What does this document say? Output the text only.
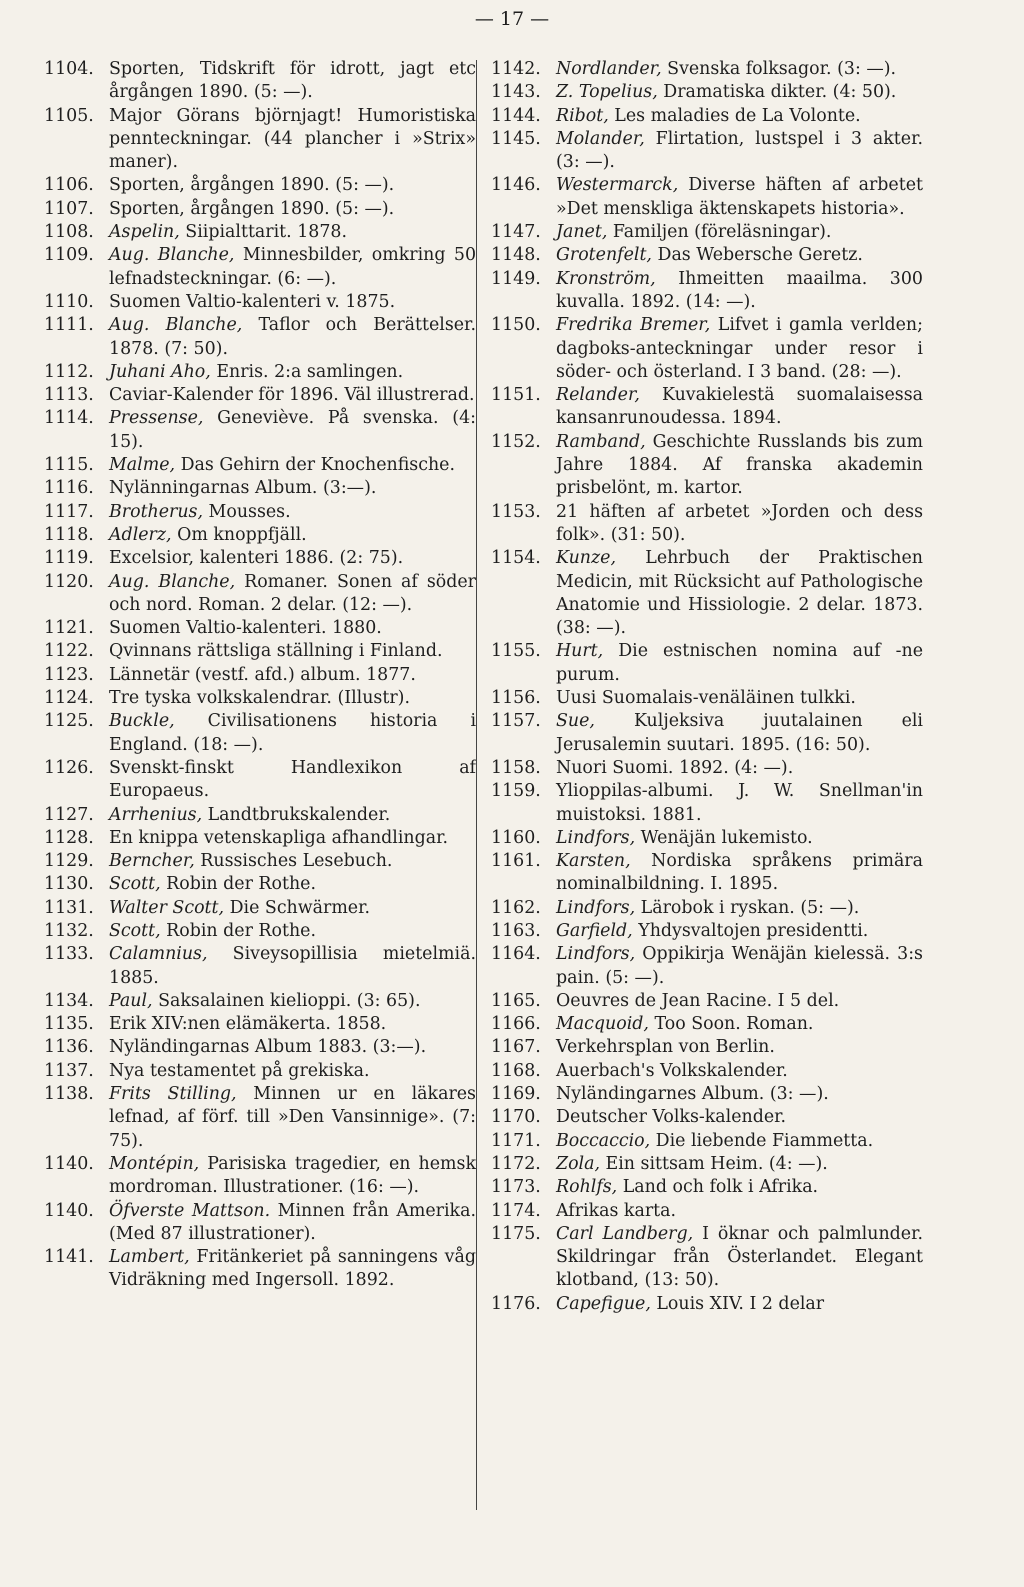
— 17 —
1104. Sporten, Tidskrift för idrott, jagt etc årgången 1890. (5: —).
1105. Major Görans björnjagt! Humoristiska pennteckningar. (44 plancher i »Strix» maner).
1106. Sporten, årgången 1890. (5: —).
1107. Sporten, årgången 1890. (5: —).
1108. Aspelin, Siipialttarit. 1878.
1109. Aug. Blanche, Minnesbilder, omkring 50 lefnadsteckningar. (6: —).
1110. Suomen Valtio-kalenteri v. 1875.
1111. Aug. Blanche, Taflor och Berättelser. 1878. (7: 50).
1112. Juhani Aho, Enris. 2:a samlingen.
1113. Caviar-Kalender för 1896. Väl illustrerad.
1114. Pressense, Geneviève. På svenska. (4: 15).
1115. Malme, Das Gehirn der Knochenfische.
1116. Nylänningarnas Album. (3:—).
1117. Brotherus, Mousses.
1118. Adlerz, Om knoppfjäll.
1119. Excelsior, kalenteri 1886. (2: 75).
1120. Aug. Blanche, Romaner. Sonen af söder och nord. Roman. 2 delar. (12: —).
1121. Suomen Valtio-kalenteri. 1880.
1122. Qvinnans rättsliga ställning i Finland.
1123. Lännetär (vestf. afd.) album. 1877.
1124. Tre tyska volkskalendrar. (Illustr).
1125. Buckle, Civilisationens historia i England. (18: —).
1126. Svenskt-finskt Handlexikon af Europaeus.
1127. Arrhenius, Landtbrukskalender.
1128. En knippa vetenskapliga afhandlingar.
1129. Berncher, Russisches Lesebuch.
1130. Scott, Robin der Rothe.
1131. Walter Scott, Die Schwärmer.
1132. Scott, Robin der Rothe.
1133. Calamnius, Siveysopillisia mietelmiä. 1885.
1134. Paul, Saksalainen kielioppi. (3: 65).
1135. Erik XIV:nen elämäkerta. 1858.
1136. Nyländingarnas Album 1883. (3:—).
1137. Nya testamentet på grekiska.
1138. Frits Stilling, Minnen ur en läkares lefnad, af förf. till »Den Vansinnige». (7: 75).
1140. Montépin, Parisiska tragedier, en hemsk mordroman. Illustrationer. (16: —).
1140. Öfverste Mattson. Minnen från Amerika. (Med 87 illustrationer).
1141. Lambert, Fritänkeriet på sanningens våg Vidräkning med Ingersoll. 1892.
1142. Nordlander, Svenska folksagor. (3: —).
1143. Z. Topelius, Dramatiska dikter. (4: 50).
1144. Ribot, Les maladies de La Volonte.
1145. Molander, Flirtation, lustspel i 3 akter. (3: —).
1146. Westermarck, Diverse häften af arbetet »Det menskliga äktenskapets historia».
1147. Janet, Familjen (föreläsningar).
1148. Grotenfelt, Das Webersche Geretz.
1149. Kronström, Ihmeitten maailma. 300 kuvalla. 1892. (14: —).
1150. Fredrika Bremer, Lifvet i gamla verlden; dagboks-anteckningar under resor i söder- och österland. I 3 band. (28: —).
1151. Relander, Kuvakielestä suomalaisessa kansanrunoudessa. 1894.
1152. Ramband, Geschichte Russlands bis zum Jahre 1884. Af franska akademin prisbelönt, m. kartor.
1153. 21 häften af arbetet »Jorden och dess folk». (31: 50).
1154. Kunze, Lehrbuch der Praktischen Medicin, mit Rücksicht auf Pathologische Anatomie und Hissiologie. 2 delar. 1873. (38: —).
1155. Hurt, Die estnischen nomina auf -ne purum.
1156. Uusi Suomalais-venäläinen tulkki.
1157. Sue, Kuljeksiva juutalainen eli Jerusalemin suutari. 1895. (16: 50).
1158. Nuori Suomi. 1892. (4: —).
1159. Ylioppilas-albumi. J. W. Snellman'in muistoksi. 1881.
1160. Lindfors, Wenäjän lukemisto.
1161. Karsten, Nordiska språkens primära nominalbildning. I. 1895.
1162. Lindfors, Lärobok i ryskan. (5: —).
1163. Garfield, Yhdysvaltojen presidentti.
1164. Lindfors, Oppikirja Wenäjän kielessä. 3:s pain. (5: —).
1165. Oeuvres de Jean Racine. I 5 del.
1166. Macquoid, Too Soon. Roman.
1167. Verkehrsplan von Berlin.
1168. Auerbach's Volkskalender.
1169. Nyländingarnes Album. (3: —).
1170. Deutscher Volks-kalender.
1171. Boccaccio, Die liebende Fiammetta.
1172. Zola, Ein sittsam Heim. (4: —).
1173. Rohlfs, Land och folk i Afrika.
1174. Afrikas karta.
1175. Carl Landberg, I öknar och palmlunder. Skildringar från Österlandet. Elegant klotband, (13: 50).
1176. Capefigue, Louis XIV. I 2 delar
